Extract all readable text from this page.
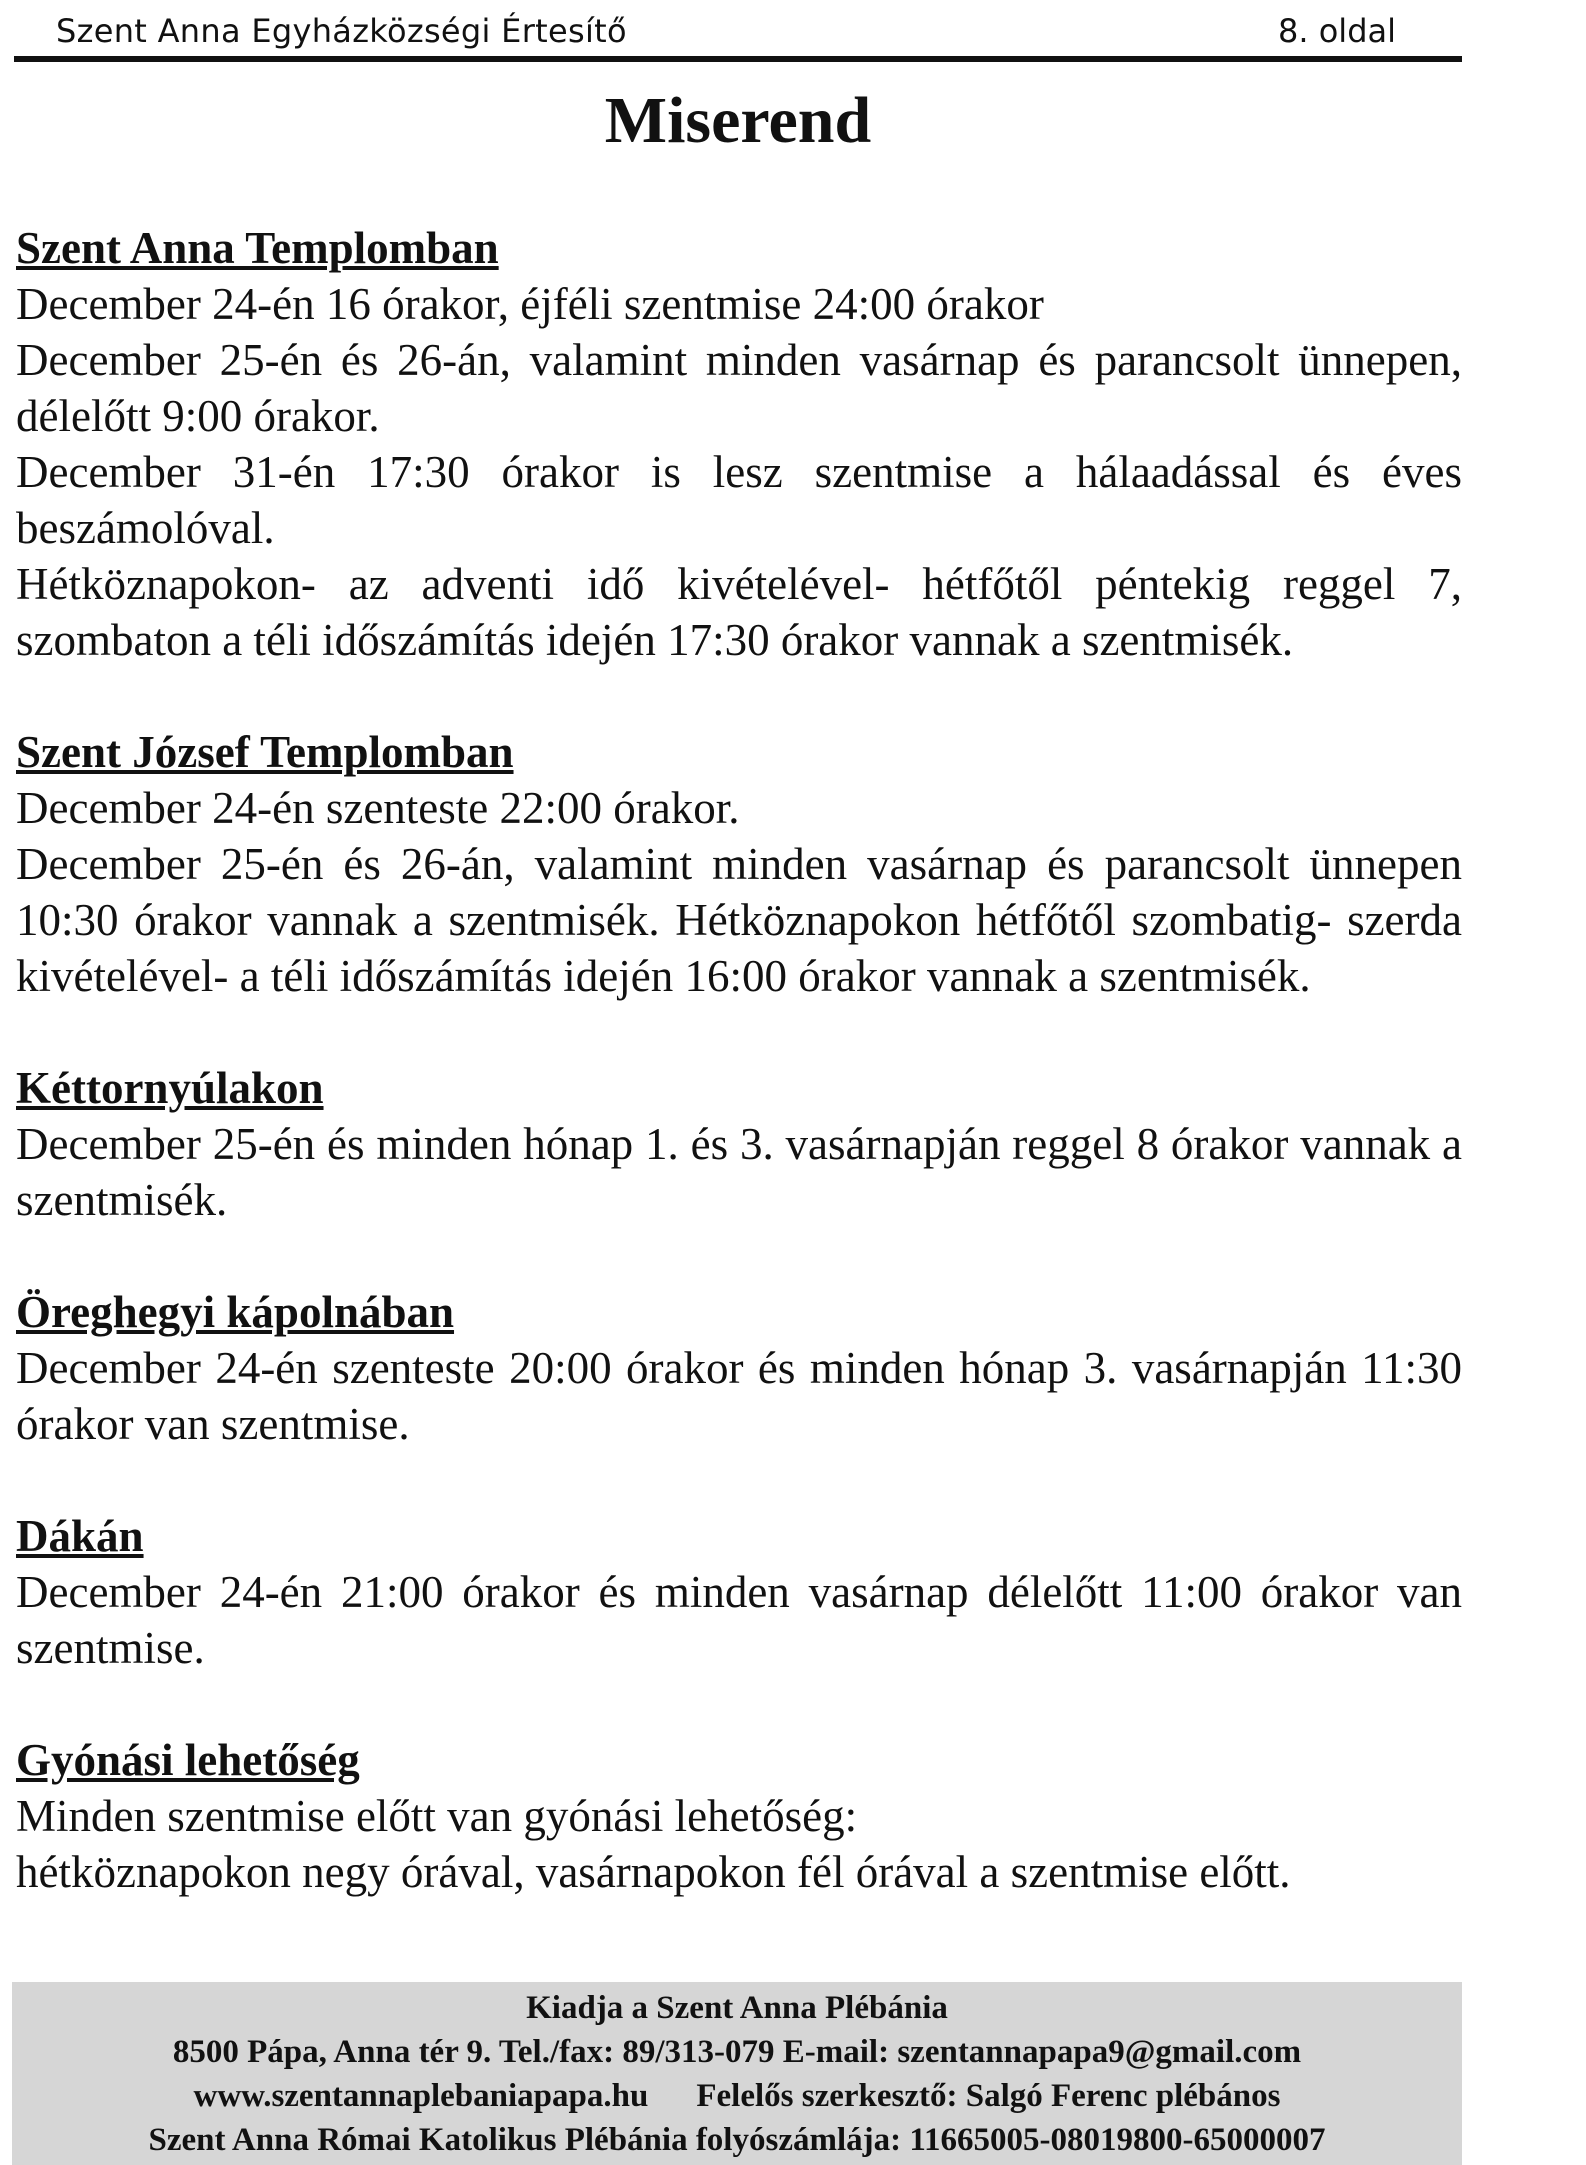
Szent Anna Egyházközségi Értesítő	8. oldal
Miserend
Szent Anna Templomban

December 24-én 16 órakor, éjféli szentmise 24:00 órakor

December 25-én és 26-án, valamint minden vasárnap és parancsolt ünnepen, délelőtt 9:00 órakor.

December 31-én 17:30 órakor is lesz szentmise a hálaadással és éves beszámolóval.

Hétköznapokon- az adventi idő kivételével- hétfőtől péntekig reggel 7, szombaton a téli időszámítás idején 17:30 órakor vannak a szentmisék.

Szent József Templomban

December 24-én szenteste 22:00 órakor.

December 25-én és 26-án, valamint minden vasárnap és parancsolt ünnepen 10:30 órakor vannak a szentmisék. Hétköznapokon hétfőtől szombatig- szerda kivételével- a téli időszámítás idején 16:00 órakor vannak a szentmisék.

Kéttornyúlakon

December 25-én és minden hónap 1. és 3. vasárnapján reggel 8 órakor vannak a szentmisék.

Öreghegyi kápolnában

December 24-én szenteste 20:00 órakor és minden hónap 3. vasárnapján 11:30 órakor van szentmise.

Dákán

December 24-én 21:00 órakor és minden vasárnap délelőtt 11:00 órakor van szentmise.

Gyónási lehetőség

Minden szentmise előtt van gyónási lehetőség:

hétköznapokon negy órával, vasárnapokon fél órával a szentmise előtt.

Kiadja a Szent Anna Plébánia
8500 Pápa, Anna tér 9. Tel./fax: 89/313-079 E-mail: szentannapapa9@gmail.com
www.szentannaplebaniapapa.hu Felelős szerkesztő: Salgó Ferenc plébános
Szent Anna Római Katolikus Plébánia folyószámlája: 11665005-08019800-65000007
